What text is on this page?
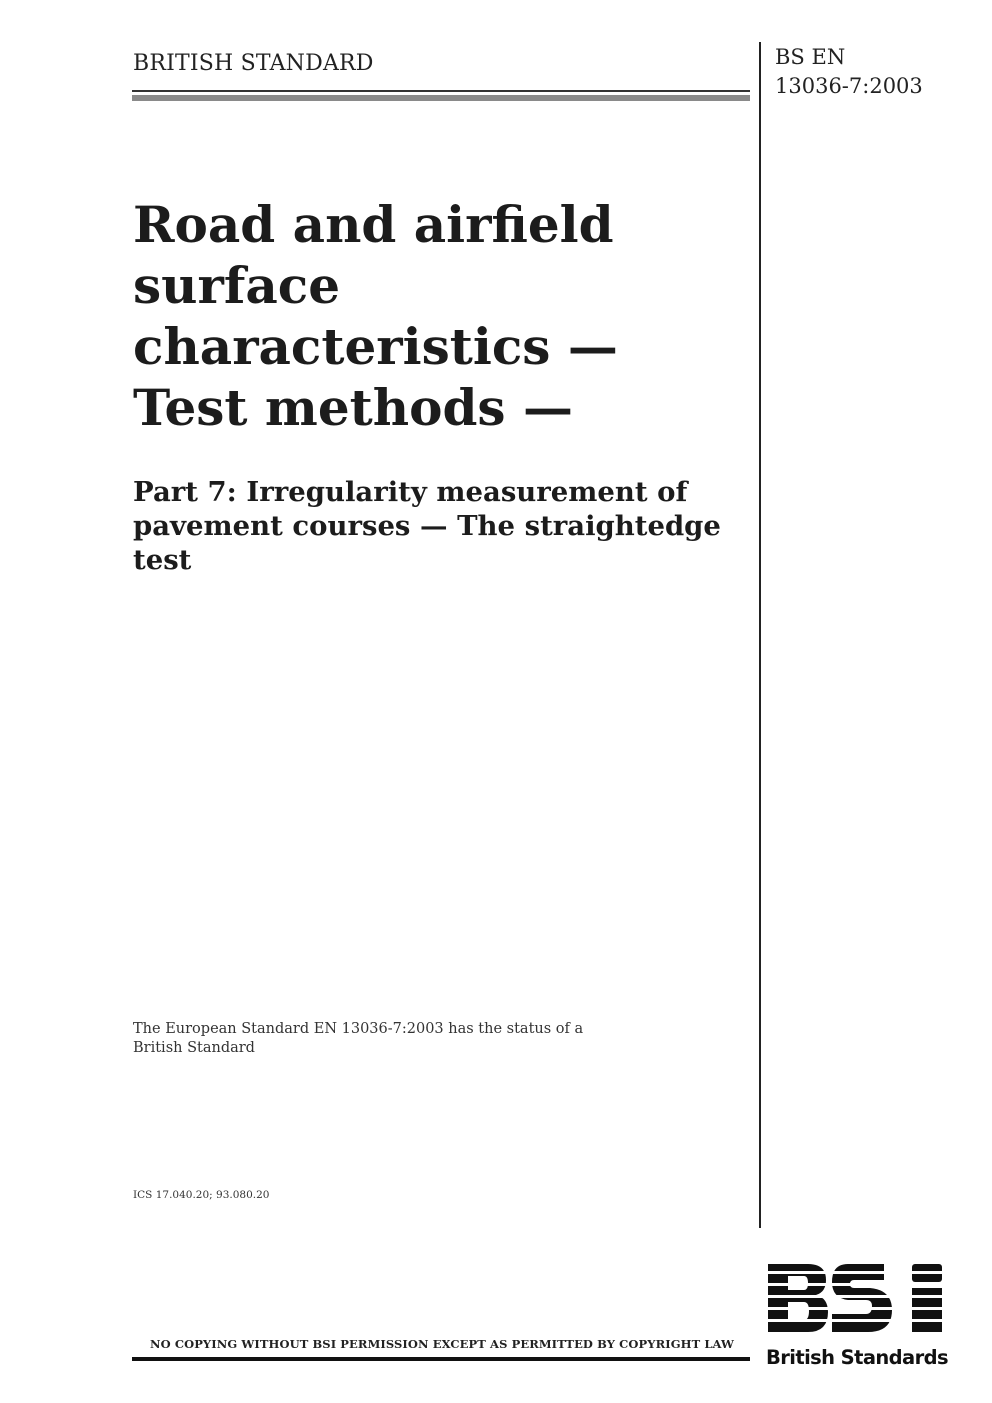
BRITISH STANDARD	BS EN
13036-7:2003
Road and airfield
surface
characteristics —
Test methods —
Part 7: Irregularity measurement of
pavement courses — The straightedge
test
The European Standard EN 13036-7:2003 has the status of a
British Standard
ICS 17.040.20; 93.080.20
NO COPYING WITHOUT BSI PERMISSION EXCEPT AS PERMITTED BY COPYRIGHT LAW
British Standards
